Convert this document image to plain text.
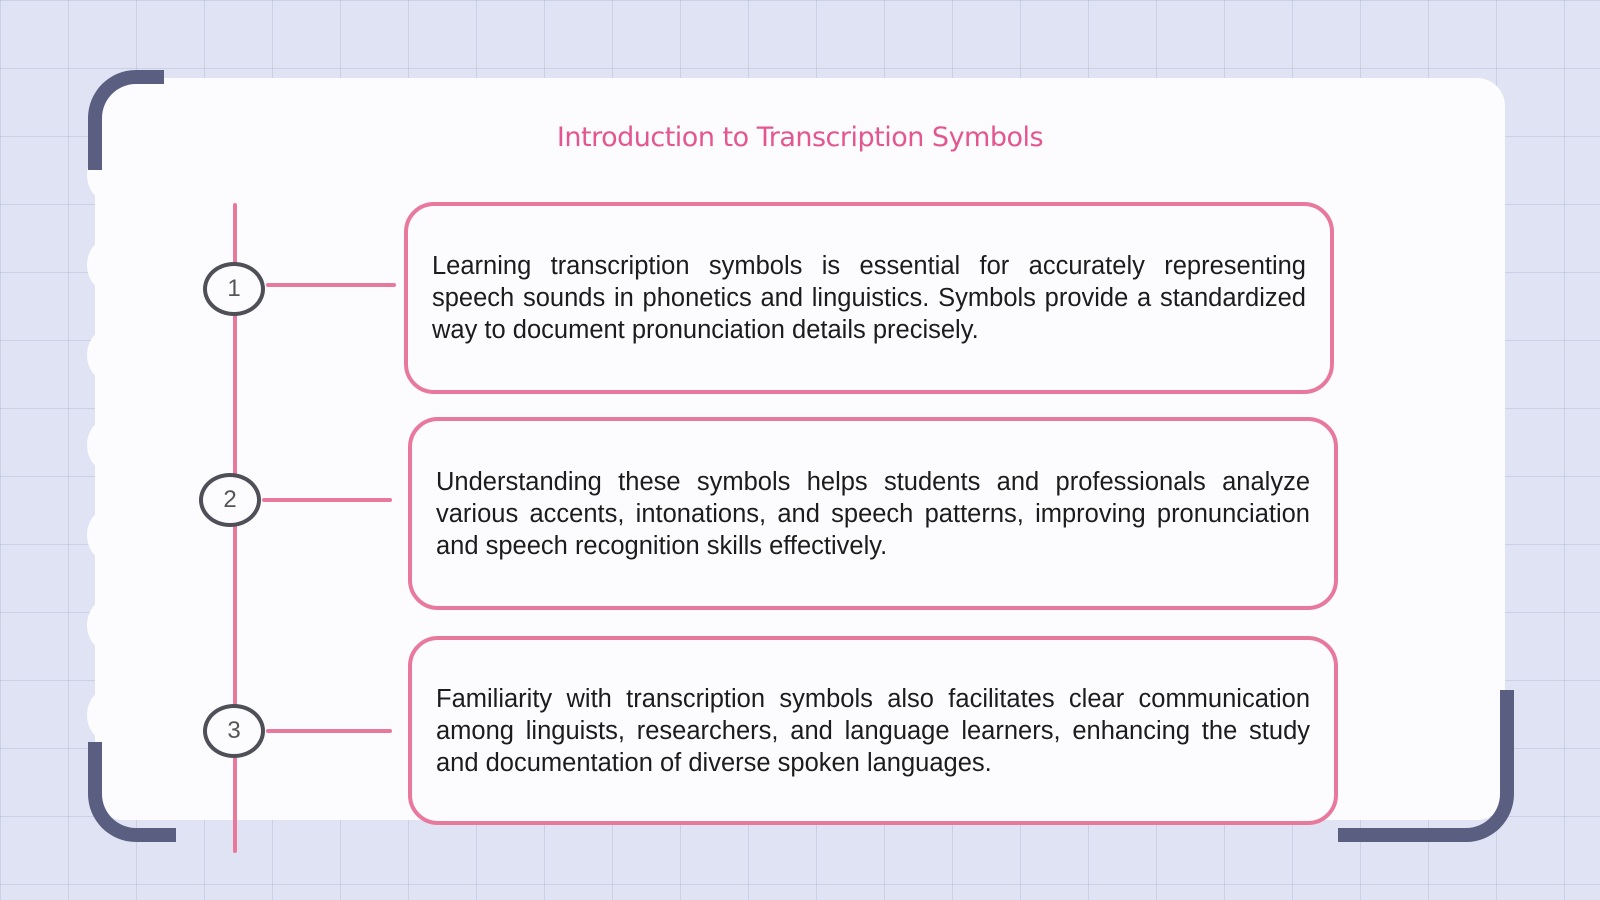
Introduction to Transcription Symbols
1

Learning transcription symbols is essential for accurately representing speech sounds in phonetics and linguistics. Symbols provide a standardized way to document pronunciation details precisely.

2

Understanding these symbols helps students and professionals analyze various accents, intonations, and speech patterns, improving pronunciation and speech recognition skills effectively.

3

Familiarity with transcription symbols also facilitates clear communication among linguists, researchers, and language learners, enhancing the study and documentation of diverse spoken languages.
